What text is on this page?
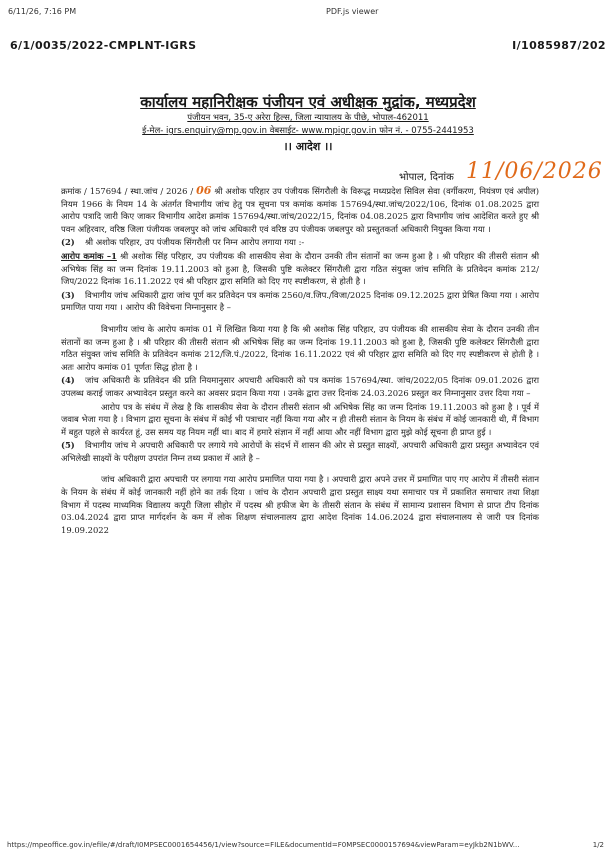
6/11/26, 7:16 PM	PDF.js viewer
6/1/0035/2022-CMPLNT-IGRS	I/1085987/202
कार्यालय महानिरीक्षक पंजीयन एवं अधीक्षक मुद्रांक, मध्यप्रदेश
पंजीयन भवन, 35-ए अरेरा हिल्स, जिला न्यायालय के पीछे, भोपाल-462011
ई-मेल- igrs.enquiry@mp.gov.in वेबसाईट- www.mpigr.gov.in फोन नं. - 0755-2441953
।। आदेश ।।
भोपाल, दिनांक 11/06/2026

क्रमांक / 157694 / स्था.जांच / 2026 / 06 श्री अशोक परिहार उप पंजीयक सिंगरौली के विरूद्ध मध्यप्रदेश सिविल सेवा (वर्गीकरण, नियंत्रण एवं अपील) नियम 1966 के नियम 14 के अंतर्गत विभागीय जांच हेतु पत्र सूचना पत्र कमांक कमांक 157694/स्था.जांच/2022/106, दिनांक 01.08.2025 द्वारा आरोप पत्रादि जारी किए जाकर विभागीय आदेश क्रमांक 157694/स्था.जांच/2022/15, दिनांक 04.08.2025 द्वारा विभागीय जांच आदेशित करते हुए श्री पवन अहिरवार, वरिष्ठ जिला पंजीयक जबलपुर को जांच अधिकारी एवं वरिष्ठ उप पंजीयक जबलपुर को प्रस्तुतकर्ता अधिकारी नियुक्त किया गया ।

(2) श्री अशोक परिहार, उप पंजीयक सिंगरौली पर निम्न आरोप लगाया गया :-

आरोप कमांक –1 श्री अशोक सिंह परिहार, उप पंजीयक की शासकीय सेवा के दौरान उनकी तीन संतानों का जन्म हुआ है । श्री परिहार की तीसरी संतान श्री अभिषेक सिंह का जन्म दिनांक 19.11.2003 को हुआ है, जिसकी पुष्टि कलेक्टर सिंगरौली द्वारा गठित संयुक्त जांच समिति के प्रतिवेदन कमांक 212/जिप/2022 दिनांक 16.11.2022 एवं श्री परिहार द्वारा समिति को दिए गए स्पष्टीकरण, से होती है ।

(3) विभागीय जांच अधिकारी द्वारा जांच पूर्ण कर प्रतिवेदन पत्र कमांक 2560/व.जिप./विजा/2025 दिनांक 09.12.2025 द्वारा प्रेषित किया गया । आरोप प्रमाणित पाया गया । आरोप की विवेचना निम्नानुसार है –

विभागीय जांच के आरोप कमांक 01 में लिखित किया गया है कि श्री अशोक सिंह परिहार, उप पंजीयक की शासकीय सेवा के दौरान उनकी तीन संतानों का जन्म हुआ है । श्री परिहार की तीसरी संतान श्री अभिषेक सिंह का जन्म दिनांक 19.11.2003 को हुआ है, जिसकी पुष्टि कलेक्टर सिंगरौली द्वारा गठित संयुक्त जांच समिति के प्रतिवेदन कमांक 212/जि.पं./2022, दिनांक 16.11.2022 एवं श्री परिहार द्वारा समिति को दिए गए स्पष्टीकरण से होती है । अतः आरोप कमांक 01 पूर्णतः सिद्ध होता है ।

(4) जांच अधिकारी के प्रतिवेदन की प्रति नियमानुसार अपचारी अधिकारी को पत्र कमांक 157694/स्था. जांच/2022/05 दिनांक 09.01.2026 द्वारा उपलब्ध कराई जाकर अभ्यावेदन प्रस्तुत करने का अवसर प्रदान किया गया । उनके द्वारा उत्तर दिनांक 24.03.2026 प्रस्तुत कर निम्नानुसार उत्तर दिया गया –

आरोप पत्र के संबंध में लेख है कि शासकीय सेवा के दौरान तीसरी संतान श्री अभिषेक सिंह का जन्म दिनांक 19.11.2003 को हुआ है । पूर्व में जवाब भेजा गया है । विभाग द्वारा सूचना के संबंध में कोई भी पत्राचार नहीं किया गया और न ही तीसरी संतान के नियम के संबंध में कोई जानकारी थी, मैं विभाग में बहुत पहले से कार्यरत हूं, उस समय यह नियम नहीं था। बाद में हमारे संज्ञान में नहीं आया और नहीं विभाग द्वारा मुझे कोई सूचना ही प्राप्त हुई ।

(5) विभागीय जांच मे अपचारी अधिकारी पर लगाये गये आरोपों के संदर्भ में शासन की ओर से प्रस्तुत साक्ष्यों, अपचारी अधिकारी द्वारा प्रस्तुत अभ्यावेदन एवं अभिलेखी साक्ष्यों के परीक्षण उपरांत निम्न तथ्य प्रकाश में आते है –

जांच अधिकारी द्वारा अपचारी पर लगाया गया आरोप प्रमाणित पाया गया है । अपचारी द्वारा अपने उत्तर में प्रमाणित पाए गए आरोप में तीसरी संतान के नियम के संबंध में कोई जानकारी नहीं होने का तर्क दिया । जांच के दौरान अपचारी द्वारा प्रस्तुत साक्ष्य यथा समाचार पत्र में प्रकाशित समाचार तथा शिक्षा विभाग में पदस्थ माध्यमिक विद्यालय कपूरी जिला सीहोर में पदस्थ श्री हफीज बेग के तीसरी संतान के संबंध में सामान्य प्रशासन विभाग से प्राप्त टीप दिनांक 03.04.2024 द्वारा प्राप्त मार्गदर्शन के कम में लोक शिक्षण संचालनालय द्वारा आदेश दिनांक 14.06.2024 द्वारा संचालनालय से जारी पत्र दिनांक 19.09.2022

https://mpeoffice.gov.in/efile/#/draft/I0MPSEC0001654456/1/view?source=FILE&documentId=F0MPSEC0000157694&viewParam=eyJkb2N1bWV...	1/2
